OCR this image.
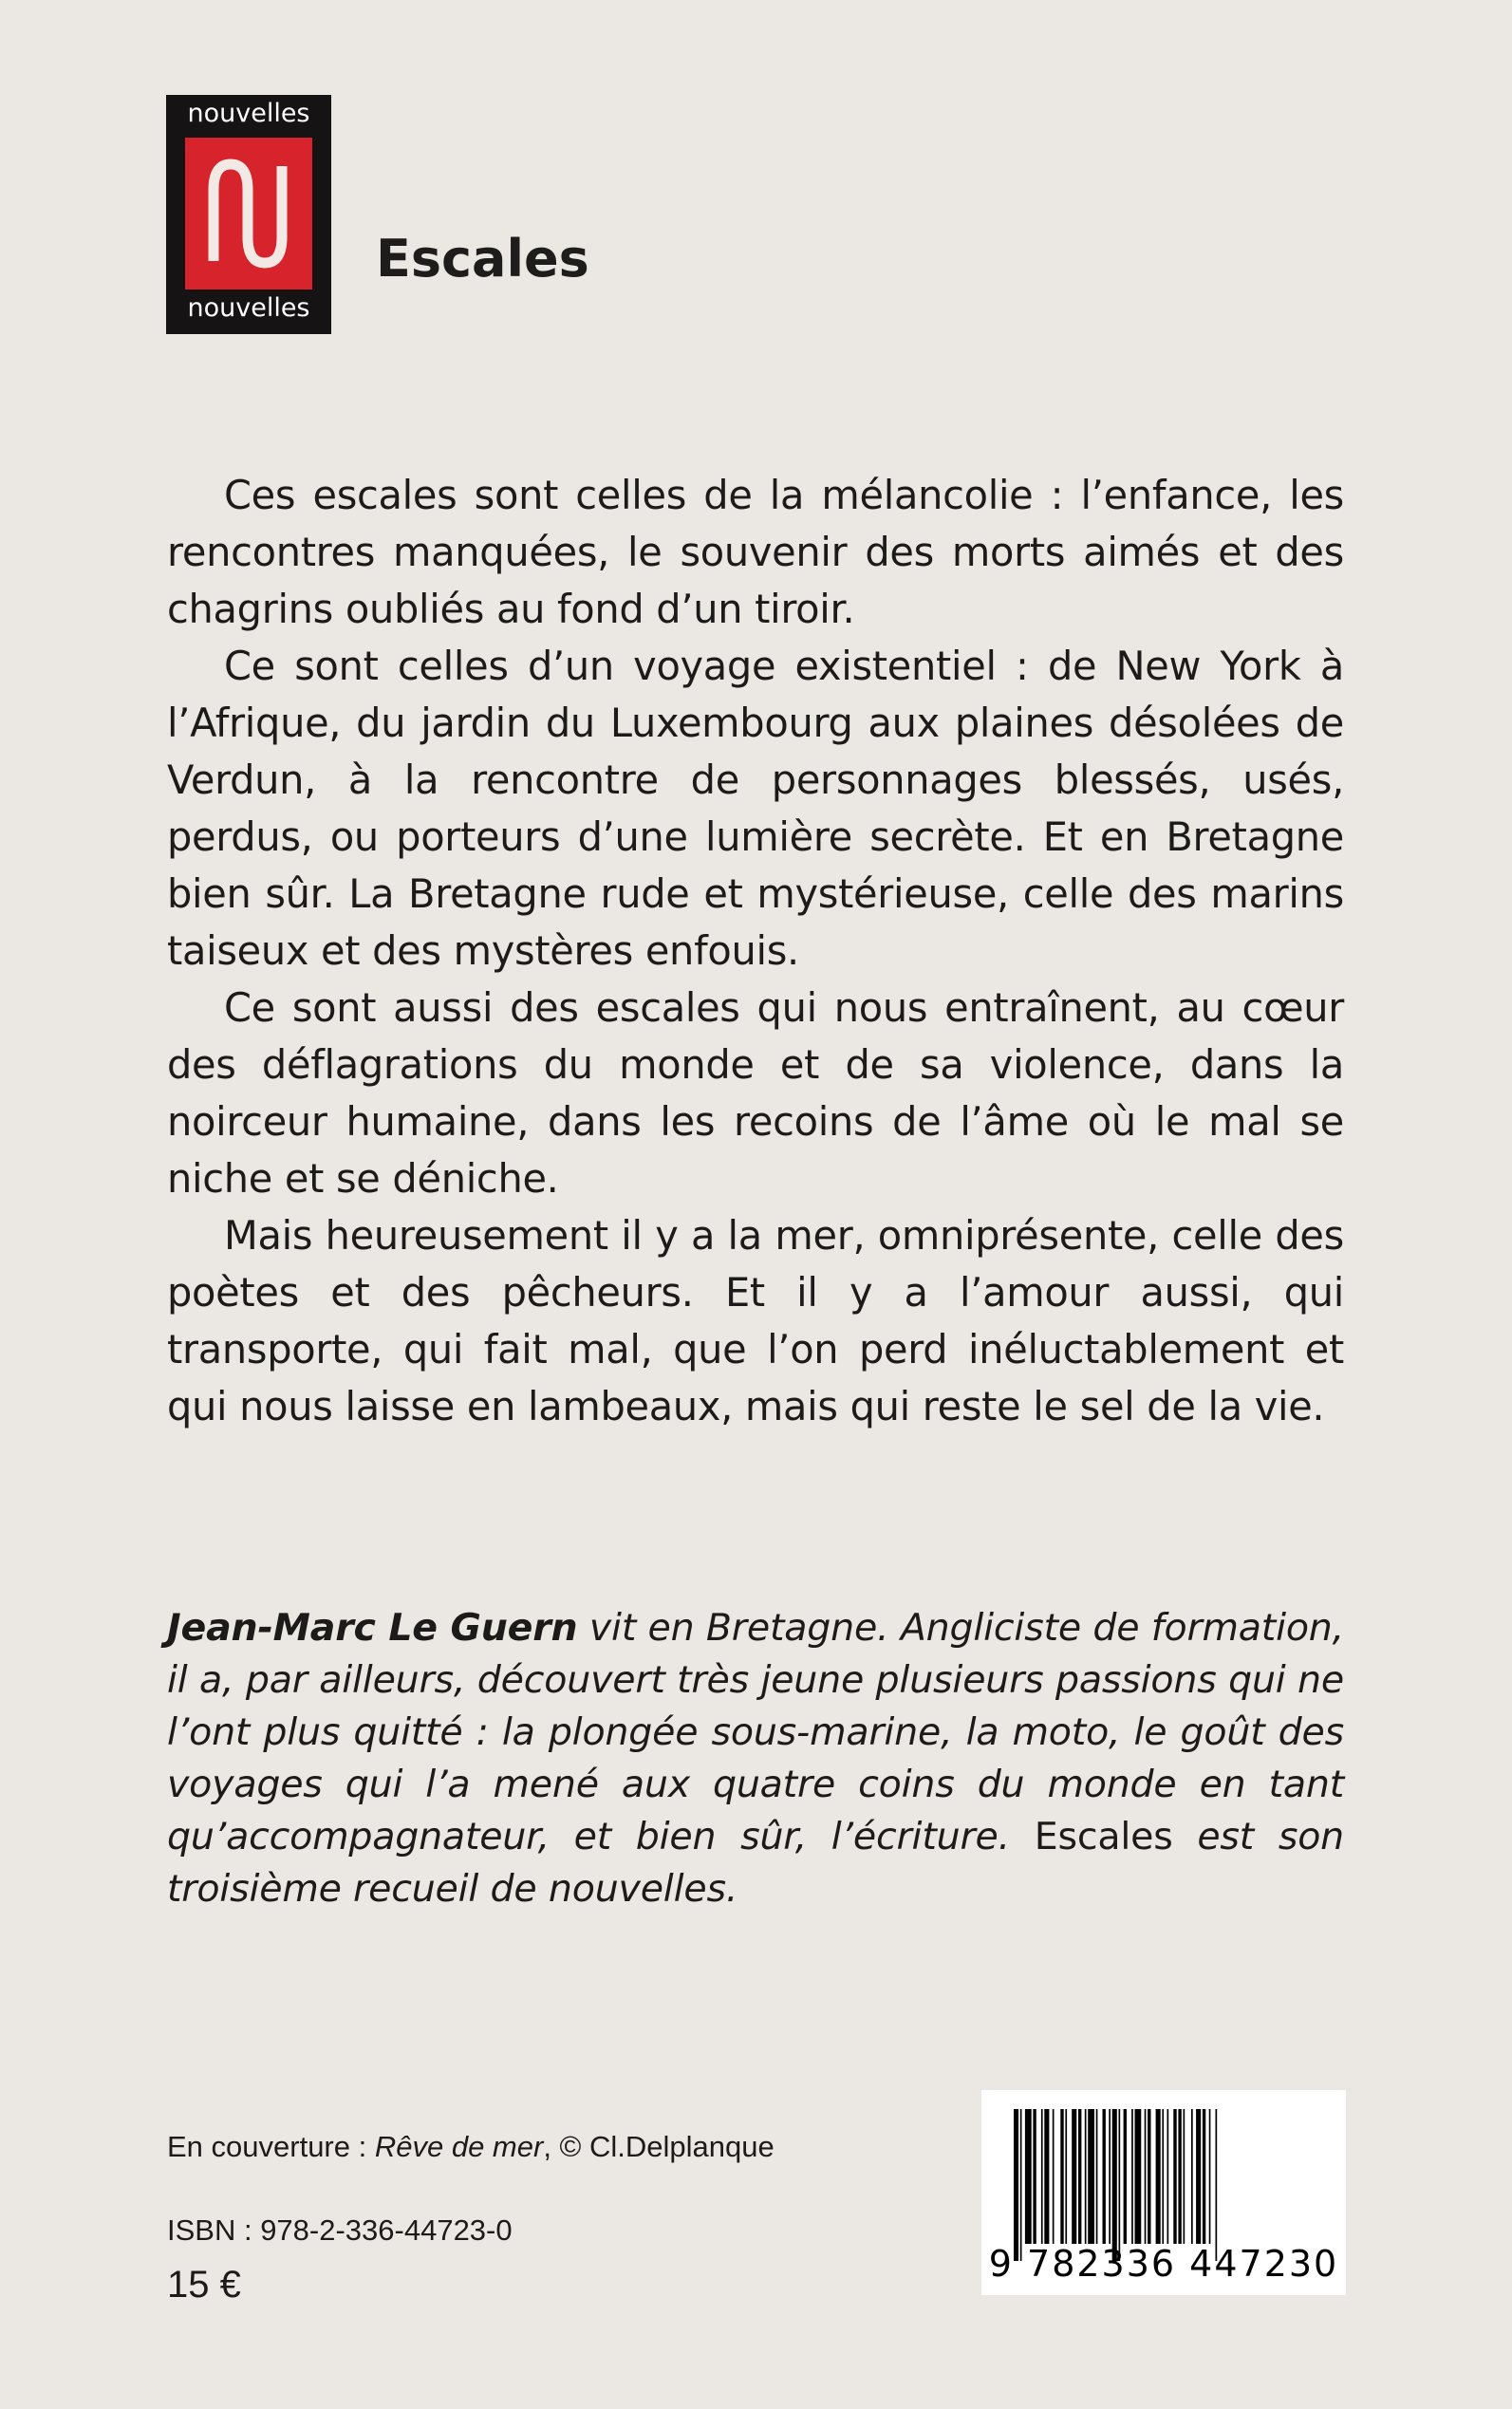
nouvelles
nouvelles
Escales

Ces escales sont celles de la mélancolie : l’enfance, les rencontres manquées, le souvenir des morts aimés et des chagrins oubliés au fond d’un tiroir.

Ce sont celles d’un voyage existentiel : de New York à l’Afrique, du jardin du Luxembourg aux plaines désolées de Verdun, à la rencontre de personnages blessés, usés, perdus, ou porteurs d’une lumière secrète. Et en Bretagne bien sûr. La Bretagne rude et mystérieuse, celle des marins taiseux et des mystères enfouis.

Ce sont aussi des escales qui nous entraînent, au cœur des déflagrations du monde et de sa violence, dans la noirceur humaine, dans les recoins de l’âme où le mal se niche et se déniche.

Mais heureusement il y a la mer, omniprésente, celle des poètes et des pêcheurs. Et il y a l’amour aussi, qui transporte, qui fait mal, que l’on perd inéluctablement et qui nous laisse en lambeaux, mais qui reste le sel de la vie.

Jean-Marc Le Guern vit en Bretagne. Angliciste de formation, il a, par ailleurs, découvert très jeune plusieurs passions qui ne l’ont plus quitté : la plongée sous-marine, la moto, le goût des voyages qui l’a mené aux quatre coins du monde en tant qu’accompagnateur, et bien sûr, l’écriture. Escales est son troisième recueil de nouvelles.
En couverture : Rêve de mer, © Cl.Delplanque
ISBN : 978-2-336-44723-0
15 €	9 782336 447230
